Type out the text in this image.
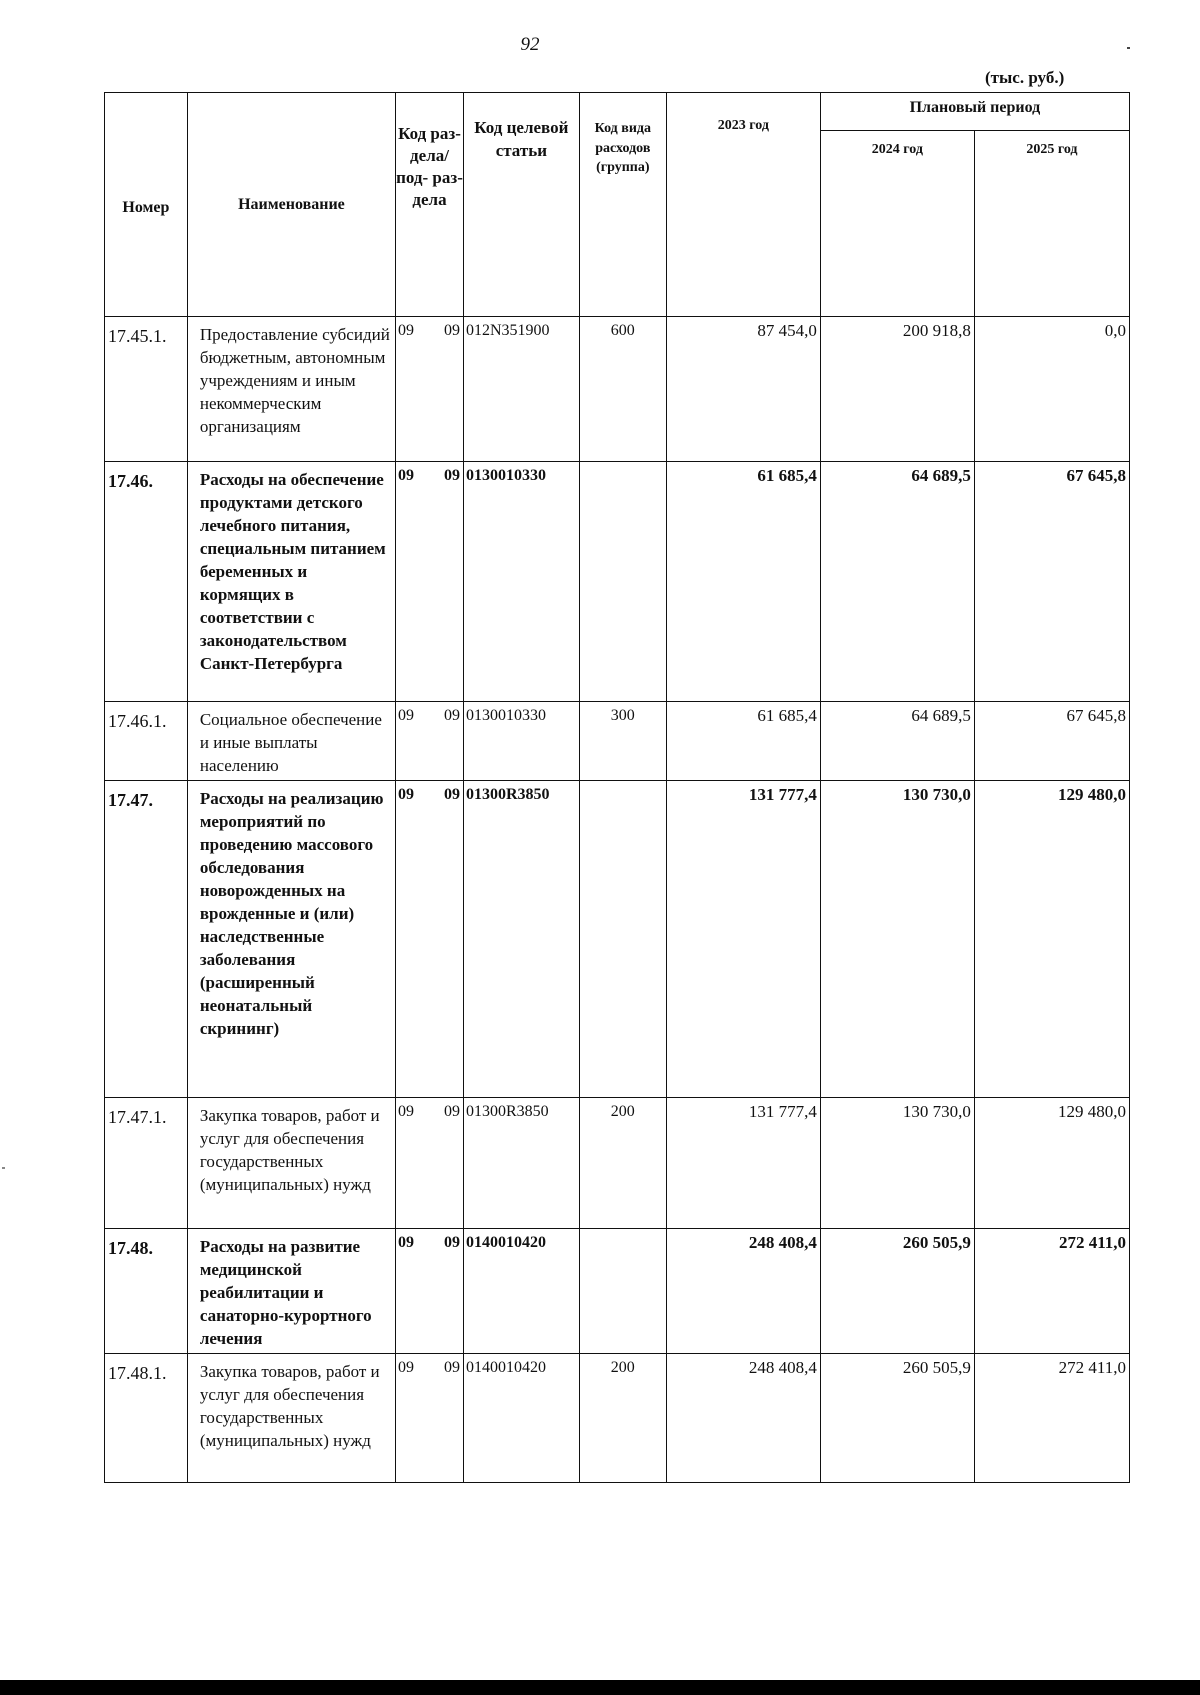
92
(тыс. руб.)
Номер	Наименование	Код раз- дела/ под- раз- дела	Код целевой статьи	Код вида расходов (группа)	2023 год	Плановый период	
						2024 год	2025 год
17.45.1.	Предоставление субсидий бюджетным, автономным учреждениям и иным некоммерческим организациям	09 09	012N351900	600	87 454,0	200 918,8	0,0
17.46.	Расходы на обеспечение продуктами детского лечебного питания, специальным питанием беременных и кормящих в соответствии с законодательством Санкт-Петербурга	09 09	0130010330		61 685,4	64 689,5	67 645,8
17.46.1.	Социальное обеспечение и иные выплаты населению	09 09	0130010330	300	61 685,4	64 689,5	67 645,8
17.47.	Расходы на реализацию мероприятий по проведению массового обследования новорожденных на врожденные и (или) наследственные заболевания (расширенный неонатальный скрининг)	09 09	01300R3850		131 777,4	130 730,0	129 480,0
17.47.1.	Закупка товаров, работ и услуг для обеспечения государственных (муниципальных) нужд	09 09	01300R3850	200	131 777,4	130 730,0	129 480,0
17.48.	Расходы на развитие медицинской реабилитации и санаторно-курортного лечения	09 09	0140010420		248 408,4	260 505,9	272 411,0
17.48.1.	Закупка товаров, работ и услуг для обеспечения государственных (муниципальных) нужд	09 09	0140010420	200	248 408,4	260 505,9	272 411,0
